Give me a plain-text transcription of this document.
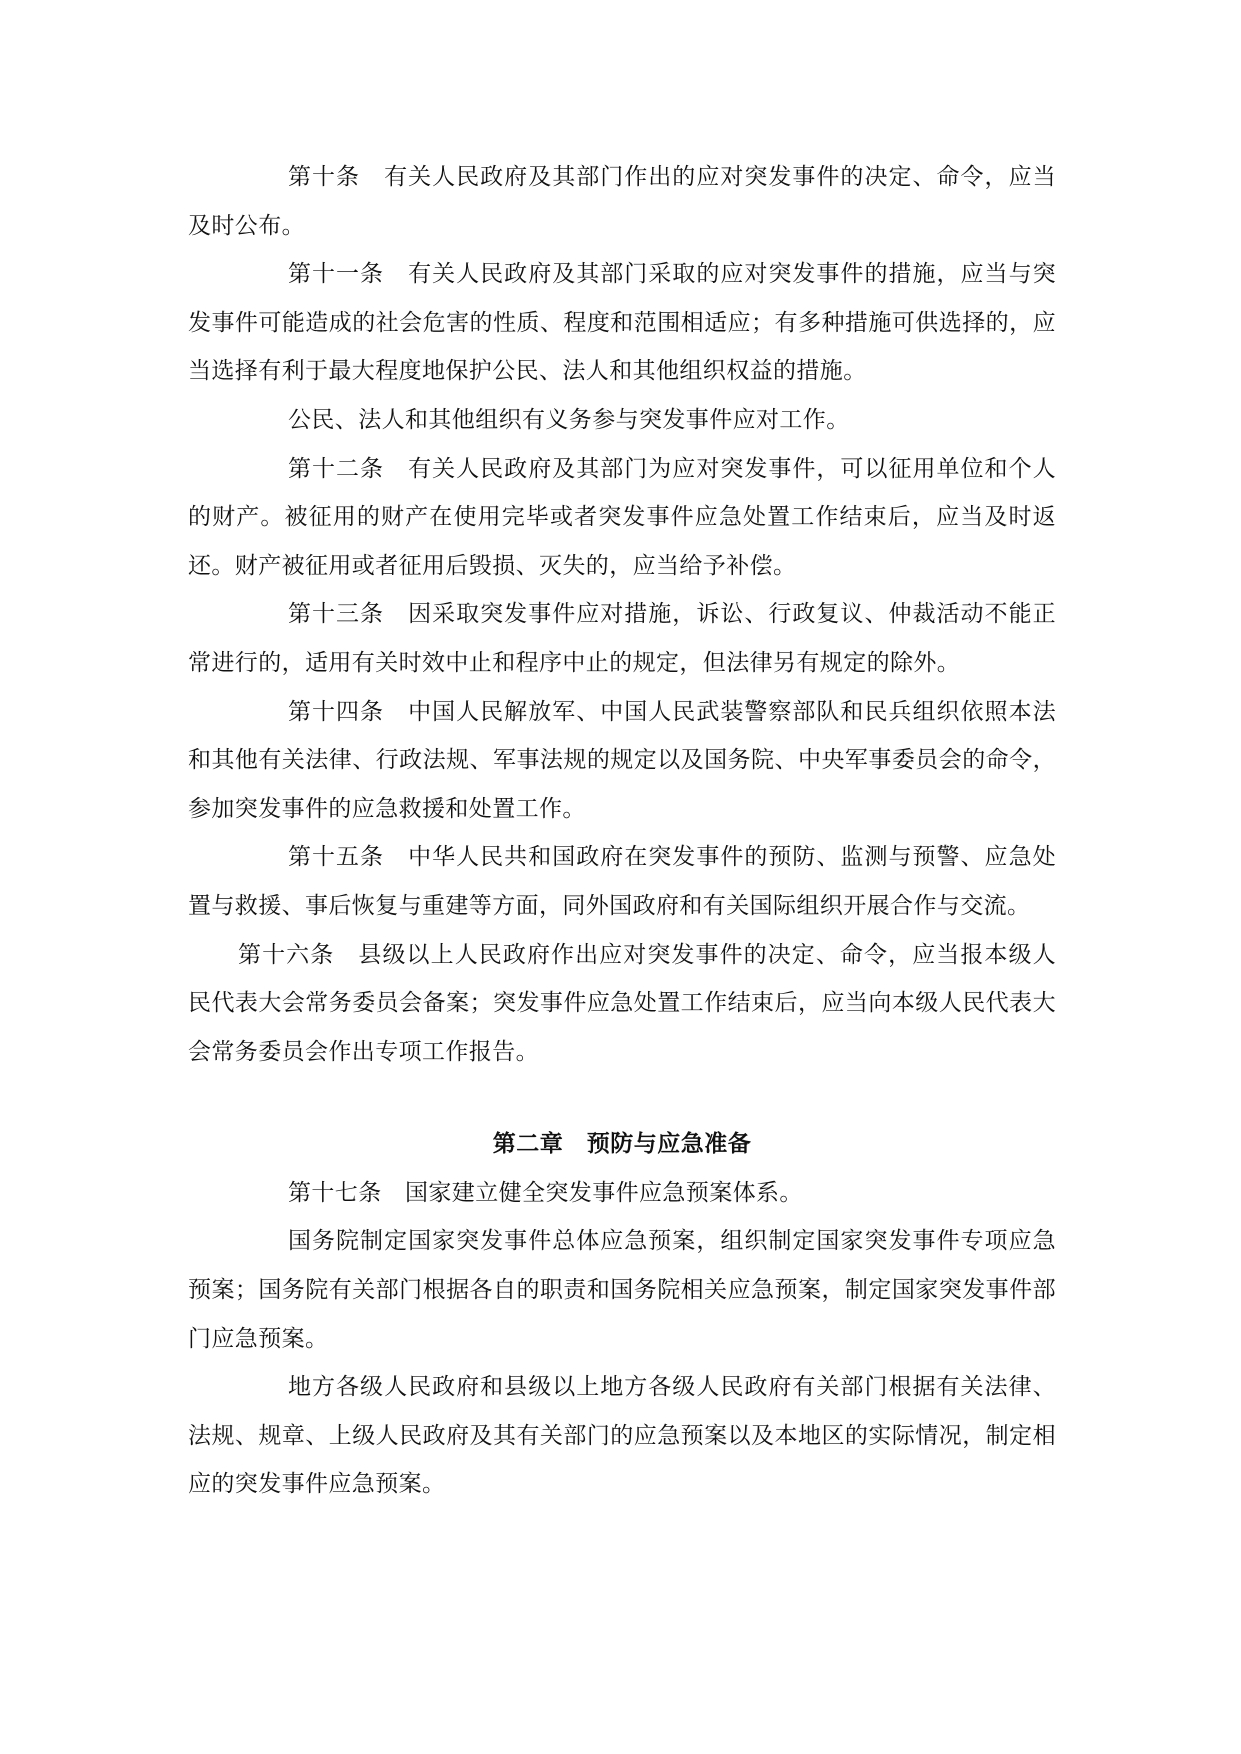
第十条　有关人民政府及其部门作出的应对突发事件的决定、命令，应当及时公布。

第十一条　有关人民政府及其部门采取的应对突发事件的措施，应当与突发事件可能造成的社会危害的性质、程度和范围相适应；有多种措施可供选择的，应当选择有利于最大程度地保护公民、法人和其他组织权益的措施。

公民、法人和其他组织有义务参与突发事件应对工作。

第十二条　有关人民政府及其部门为应对突发事件，可以征用单位和个人的财产。被征用的财产在使用完毕或者突发事件应急处置工作结束后，应当及时返还。财产被征用或者征用后毁损、灭失的，应当给予补偿。

第十三条　因采取突发事件应对措施，诉讼、行政复议、仲裁活动不能正常进行的，适用有关时效中止和程序中止的规定，但法律另有规定的除外。

第十四条　中国人民解放军、中国人民武装警察部队和民兵组织依照本法和其他有关法律、行政法规、军事法规的规定以及国务院、中央军事委员会的命令，参加突发事件的应急救援和处置工作。

第十五条　中华人民共和国政府在突发事件的预防、监测与预警、应急处置与救援、事后恢复与重建等方面，同外国政府和有关国际组织开展合作与交流。

第十六条　县级以上人民政府作出应对突发事件的决定、命令，应当报本级人民代表大会常务委员会备案；突发事件应急处置工作结束后，应当向本级人民代表大会常务委员会作出专项工作报告。

第二章　预防与应急准备

第十七条　国家建立健全突发事件应急预案体系。

国务院制定国家突发事件总体应急预案，组织制定国家突发事件专项应急预案；国务院有关部门根据各自的职责和国务院相关应急预案，制定国家突发事件部门应急预案。

地方各级人民政府和县级以上地方各级人民政府有关部门根据有关法律、法规、规章、上级人民政府及其有关部门的应急预案以及本地区的实际情况，制定相应的突发事件应急预案。
